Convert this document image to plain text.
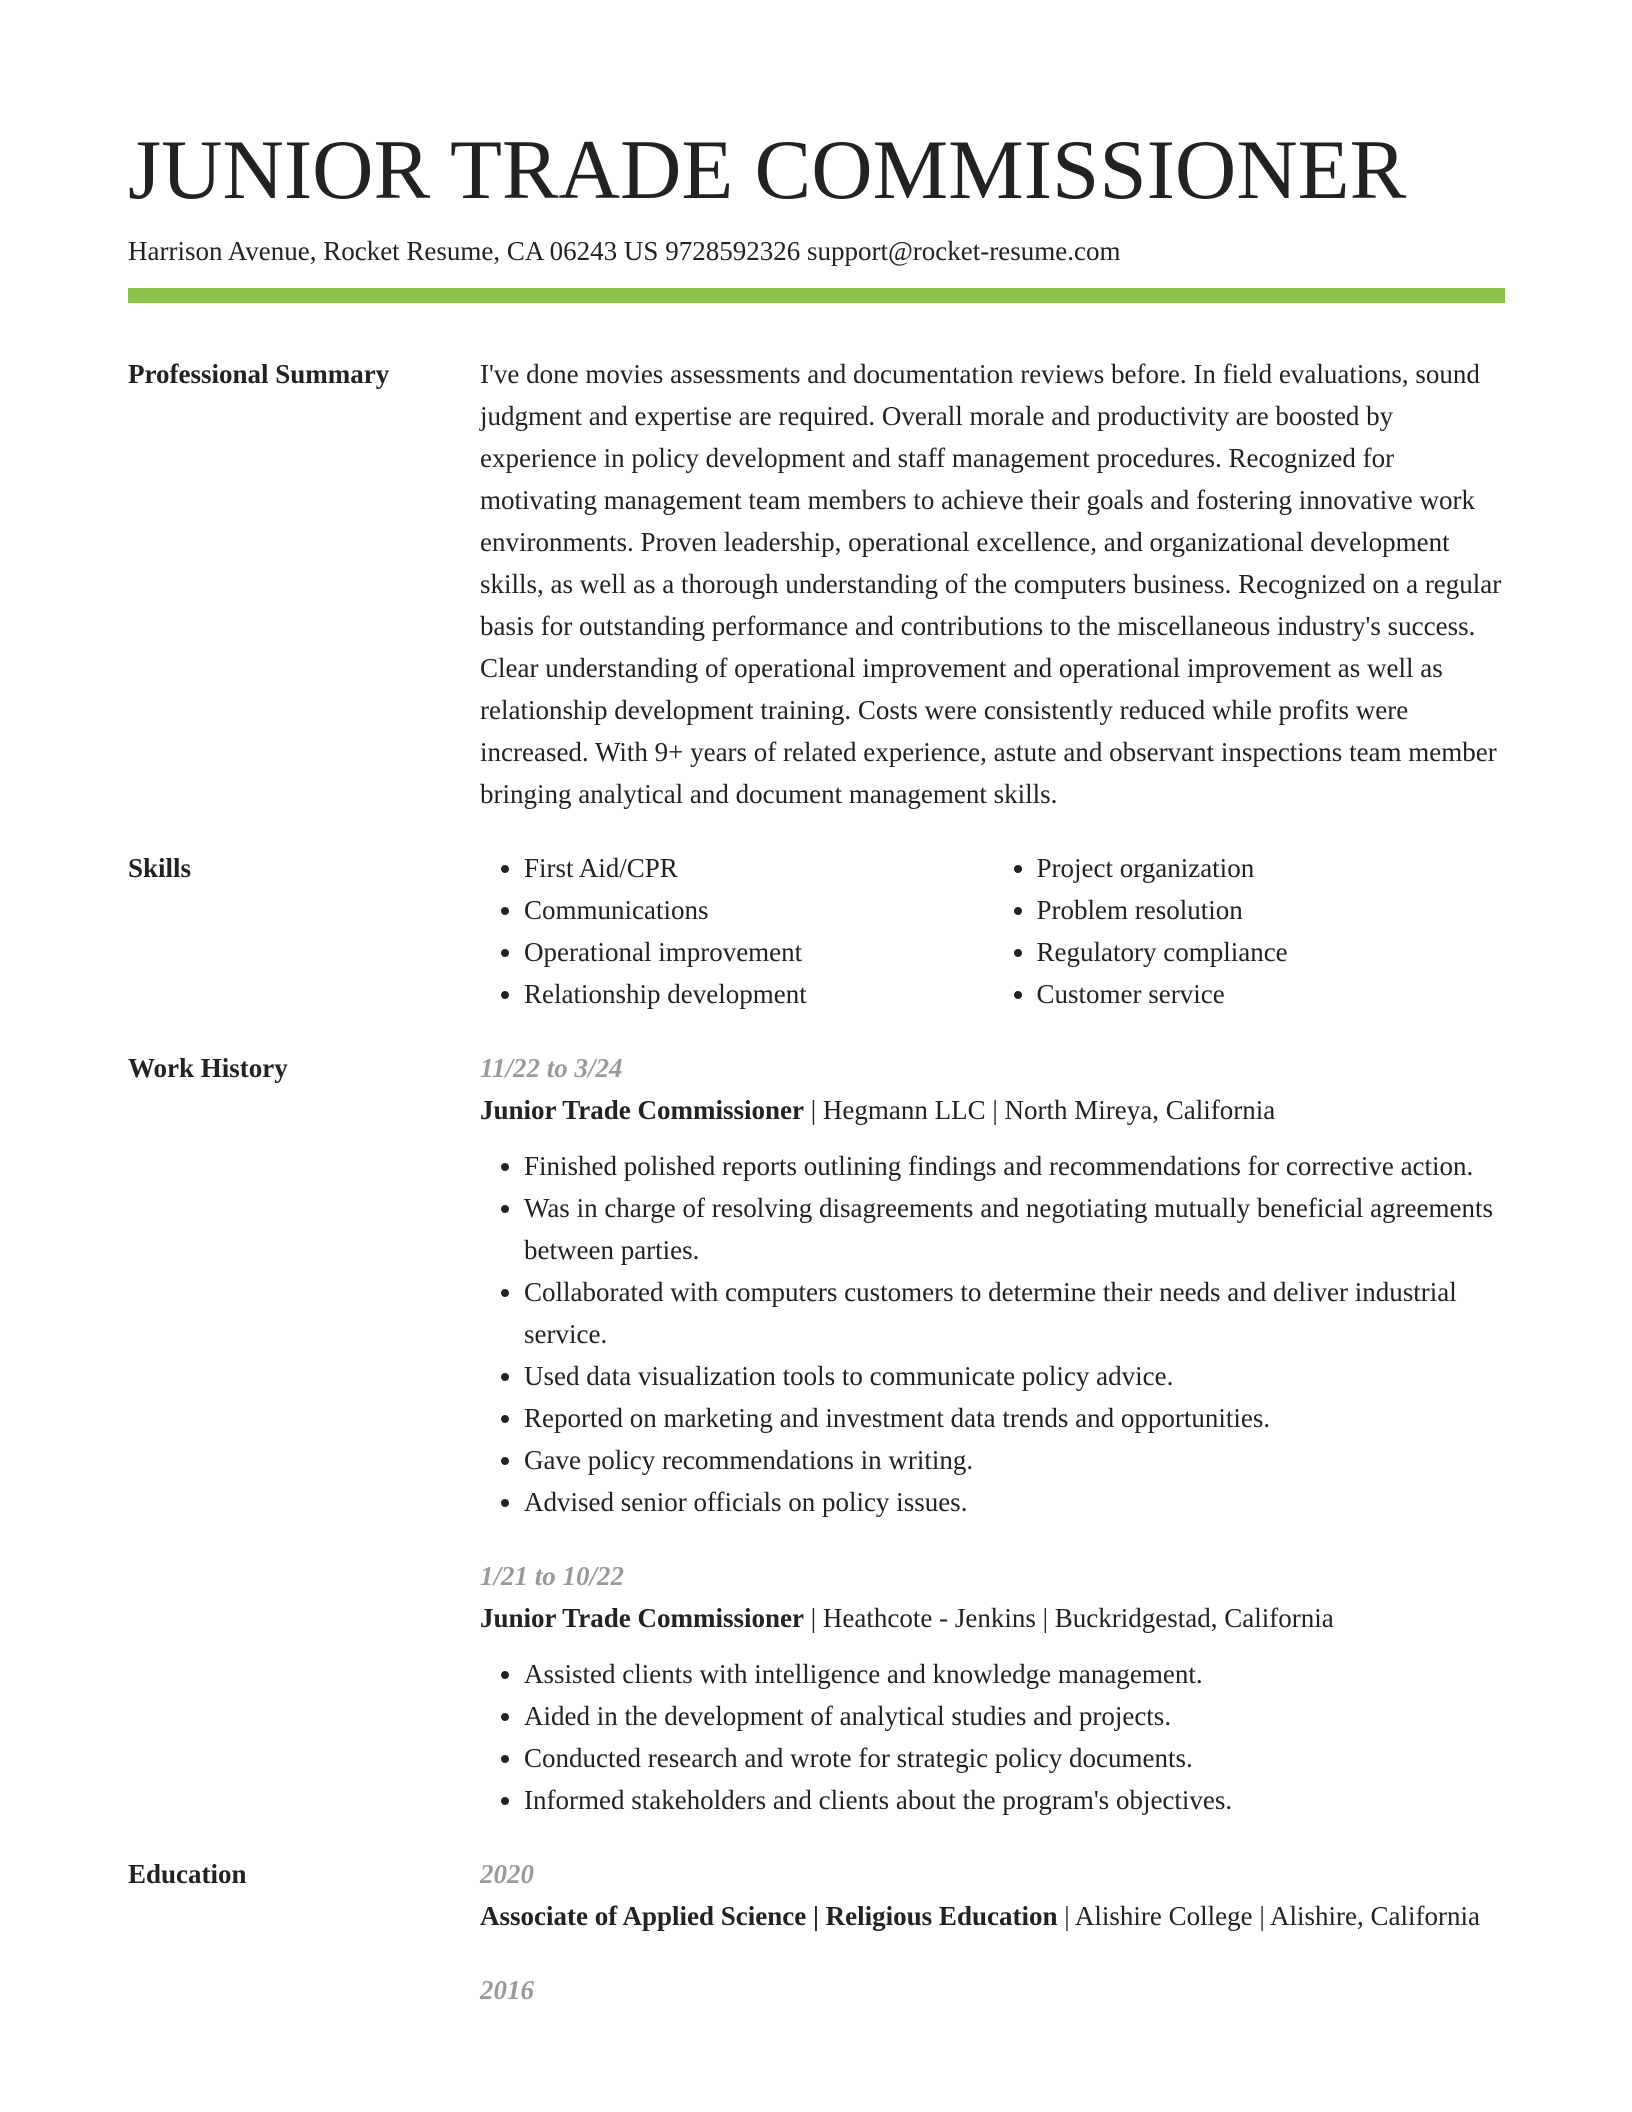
JUNIOR TRADE COMMISSIONER
Harrison Avenue, Rocket Resume, CA 06243 US 9728592326 support@rocket-resume.com
Professional Summary	I've done movies assessments and documentation reviews before. In field evaluations, sound judgment and expertise are required. Overall morale and productivity are boosted by experience in policy development and staff management procedures. Recognized for motivating management team members to achieve their goals and fostering innovative work environments. Proven leadership, operational excellence, and organizational development skills, as well as a thorough understanding of the computers business. Recognized on a regular basis for outstanding performance and contributions to the miscellaneous industry's success. Clear understanding of operational improvement and operational improvement as well as relationship development training. Costs were consistently reduced while profits were increased. With 9+ years of related experience, astute and observant inspections team member bringing analytical and document management skills.

Skills
•	First Aid/CPR
• Communications
• Operational improvement
• Relationship development
• Project organization
• Problem resolution
• Regulatory compliance
• Customer service
Work History	11/22 to 3/24
Junior Trade Commissioner | Hegmann LLC | North Mireya, California
• Finished polished reports outlining findings and recommendations for corrective action.
• Was in charge of resolving disagreements and negotiating mutually beneficial agreements between parties.
• Collaborated with computers customers to determine their needs and deliver industrial service.
• Used data visualization tools to communicate policy advice.
• Reported on marketing and investment data trends and opportunities.
• Gave policy recommendations in writing.
• Advised senior officials on policy issues.
1/21 to 10/22
Junior Trade Commissioner | Heathcote - Jenkins | Buckridgestad, California
• Assisted clients with intelligence and knowledge management.
• Aided in the development of analytical studies and projects.
• Conducted research and wrote for strategic policy documents.
• Informed stakeholders and clients about the program's objectives.
Education	2020
Associate of Applied Science | Religious Education | Alishire College | Alishire, California
2016
